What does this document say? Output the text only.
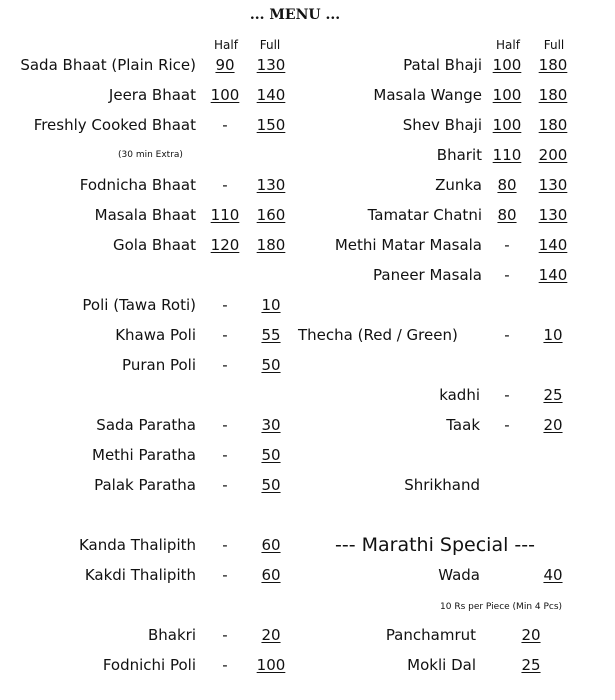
... MENU ...
Half	Full	Half	Full
Sada Bhaat (Plain Rice)	90	130
Jeera Bhaat 100	140
Freshly Cooked Bhaat	-	150
(30 min Extra)
Fodnicha Bhaat	-	130
Masala Bhaat 110	160
Gola Bhaat 120	180
Poli (Tawa Roti)	-	10
Khawa Poli	-	55
Puran Poli	-	50
Sada Paratha	-	30
Methi Paratha	-	50
Palak Paratha	-	50
Kanda Thalipith	-	60
Kakdi Thalipith	-	60
Bhakri	-	20
Fodnichi Poli	-	100
Patal Bhaji 100	180
Masala Wange 100	180
Shev Bhaji 100	180
Bharit 110	200
Zunka	80	130
Tamatar Chatni	80	130
Methi Matar Masala	-	140
Paneer Masala	-	140
Thecha (Red / Green)	-	10
kadhi	-	25
Taak	-	20
Shrikhand
--- Marathi Special ---
Wada	40
10 Rs per Piece (Min 4 Pcs)
Panchamrut	20
Mokli Dal	25
